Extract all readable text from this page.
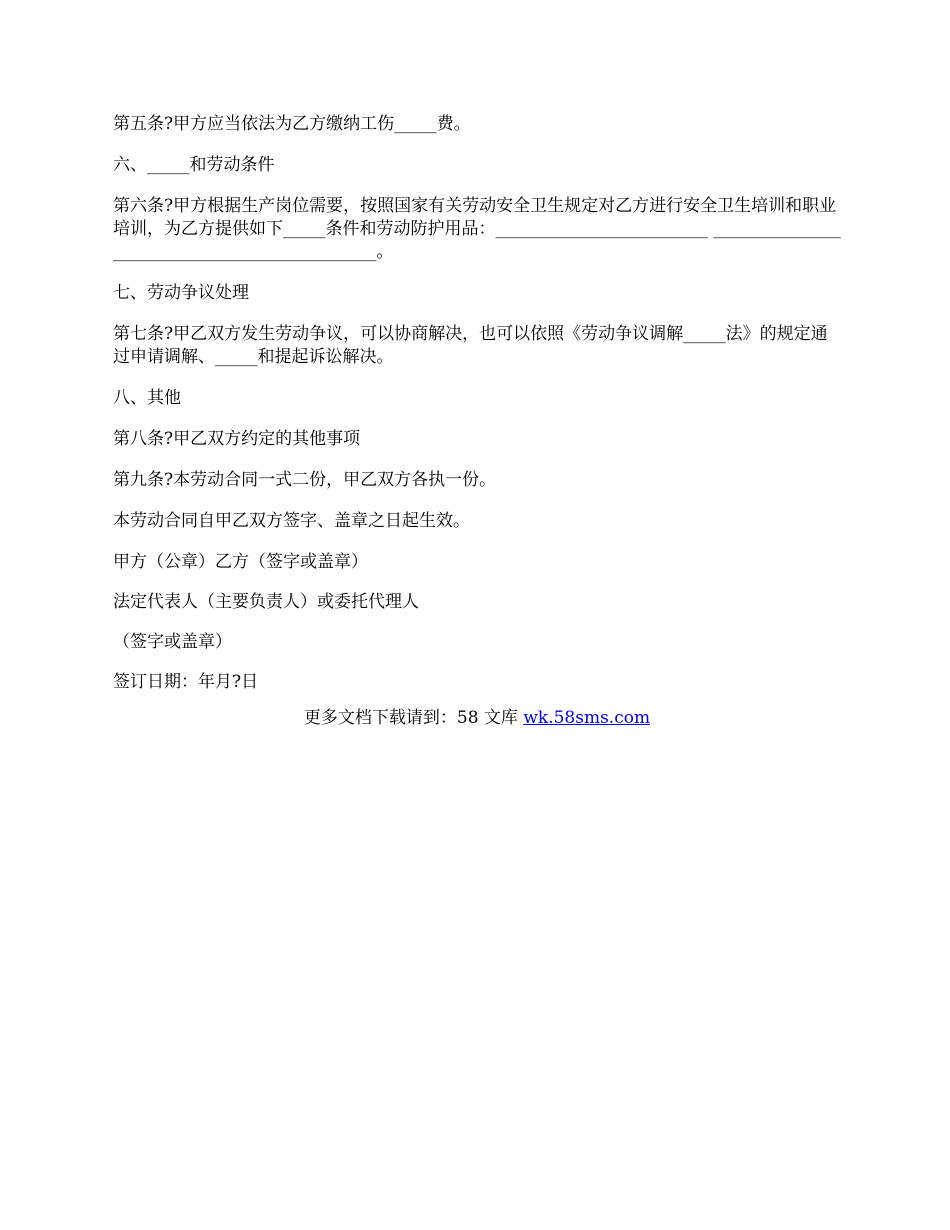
第五条?甲方应当依法为乙方缴纳工伤_____费。

六、_____和劳动条件

第六条?甲方根据生产岗位需要，按照国家有关劳动安全卫生规定对乙方进行安全卫生培训和职业培训，为乙方提供如下_____条件和劳动防护用品：_________________________ ______________________________________________。

七、劳动争议处理

第七条?甲乙双方发生劳动争议，可以协商解决，也可以依照《劳动争议调解_____法》的规定通过申请调解、_____和提起诉讼解决。

八、其他

第八条?甲乙双方约定的其他事项

第九条?本劳动合同一式二份，甲乙双方各执一份。

本劳动合同自甲乙双方签字、盖章之日起生效。

甲方（公章）乙方（签字或盖章）

法定代表人（主要负责人）或委托代理人

（签字或盖章）

签订日期：年月?日

更多文档下载请到：58 文库 wk.58sms.com
